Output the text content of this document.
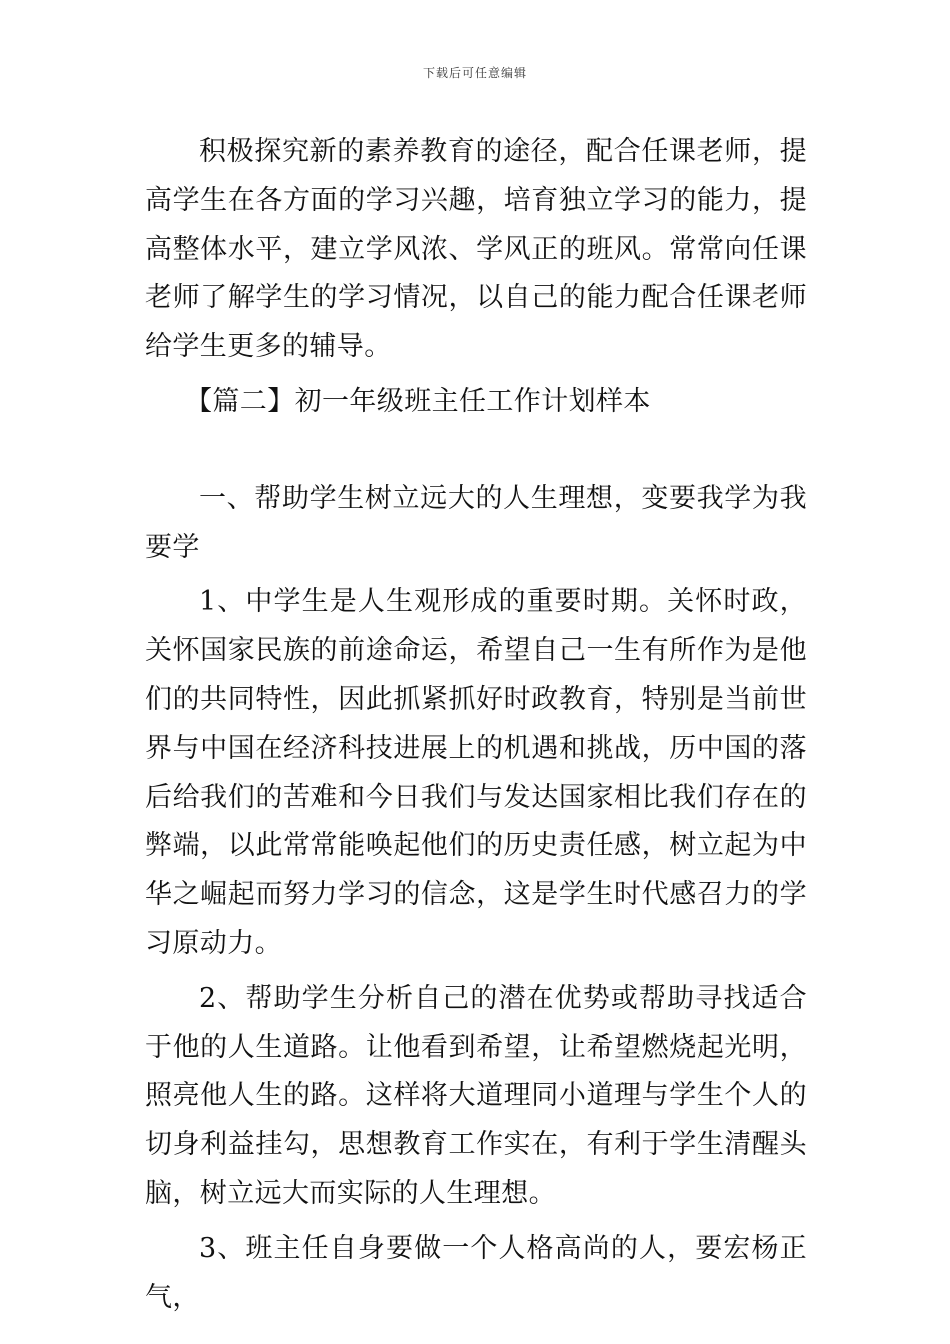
下载后可任意编辑

积极探究新的素养教育的途径，配合任课老师，提高学生在各方面的学习兴趣，培育独立学习的能力，提高整体水平，建立学风浓、学风正的班风。常常向任课老师了解学生的学习情况，以自己的能力配合任课老师给学生更多的辅导。

【篇二】初一年级班主任工作计划样本

一、帮助学生树立远大的人生理想，变要我学为我要学

1、中学生是人生观形成的重要时期。关怀时政，关怀国家民族的前途命运，希望自己一生有所作为是他们的共同特性，因此抓紧抓好时政教育，特别是当前世界与中国在经济科技进展上的机遇和挑战，历中国的落后给我们的苦难和今日我们与发达国家相比我们存在的弊端，以此常常能唤起他们的历史责任感，树立起为中华之崛起而努力学习的信念，这是学生时代感召力的学习原动力。

2、帮助学生分析自己的潜在优势或帮助寻找适合于他的人生道路。让他看到希望，让希望燃烧起光明，照亮他人生的路。这样将大道理同小道理与学生个人的切身利益挂勾，思想教育工作实在，有利于学生清醒头脑，树立远大而实际的人生理想。

3、班主任自身要做一个人格高尚的人，要宏杨正气，
